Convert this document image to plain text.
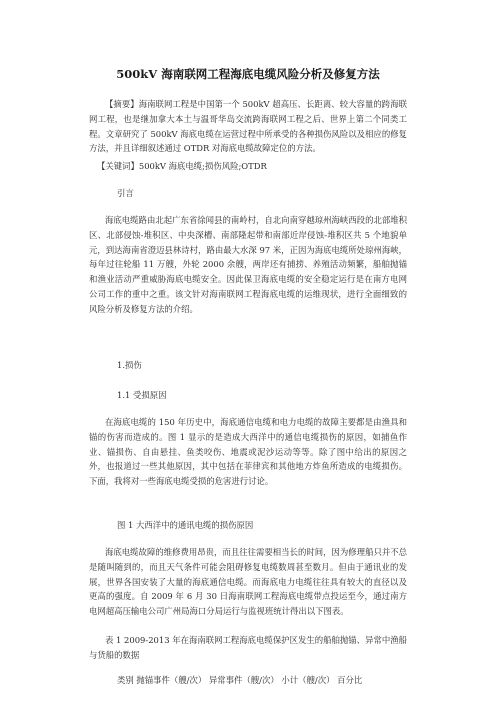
500kV 海南联网工程海底电缆风险分析及修复方法

【摘要】海南联网工程是中国第一个 500kV 超高压、长距离、较大容量的跨海联网工程，也是继加拿大本土与温哥华岛交流跨海联网工程之后、世界上第二个同类工程。文章研究了 500kV 海底电缆在运营过程中所承受的各种损伤风险以及相应的修复方法，并且详细叙述通过 OTDR 对海底电缆故障定位的方法。

【关键词】500kV 海底电缆;损伤风险;OTDR

引言

海底电缆路由北起广东省徐闻县的南岭村，自北向南穿越琼州海峡西段的北部堆积区、北部侵蚀-堆积区、中央深槽、南部隆起带和南部近岸侵蚀-堆积区共 5 个地貌单元，到达海南省澄迈县林诗村，路由最大水深 97 米，正因为海底电缆所处琼州海峡，每年过往轮船 11 万艘，外轮 2000 余艘，两岸还有捕捞、养殖活动频繁，船舶抛锚和渔业活动严重威胁海底电缆安全。因此保卫海底电缆的安全稳定运行是在南方电网公司工作的重中之重。该文针对海南联网工程海底电缆的运维现状，进行全面细致的风险分析及修复方法的介绍。

1.损伤

1.1 受损原因

在海底电缆的 150 年历史中，海底通信电缆和电力电缆的故障主要都是由渔具和锚的伤害而造成的。图 1 显示的是造成大西洋中的通信电缆损伤的原因，如捕鱼作业、锚损伤、自由悬挂、鱼类咬伤、地震或泥沙运动等等。除了图中给出的原因之外，也报道过一些其他原因，其中包括在菲律宾和其他地方炸鱼所造成的电缆损伤。下面，我将对一些海底电缆受损的危害进行讨论。

图 1 大西洋中的通讯电缆的损伤原因

海底电缆故障的维修费用昂贵，而且往往需要相当长的时间，因为修理船只并不总是随叫随到的，而且天气条件可能会阻碍修复电缆数周甚至数月。但由于通讯业的发展，世界各国安装了大量的海底通信电缆。而海底电力电缆往往具有较大的直径以及更高的强度。自 2009 年 6 月 30 日海南联网工程海底电缆带点投运至今，通过南方电网超高压输电公司广州局海口分局运行与监视班统计得出以下图表。

表 1 2009-2013 年在海南联网工程海底电缆保护区发生的船舶抛锚、异常中渔船与货船的数据

类别 抛锚事件（艘/次） 异常事件（艘/次） 小计（艘/次） 百分比
